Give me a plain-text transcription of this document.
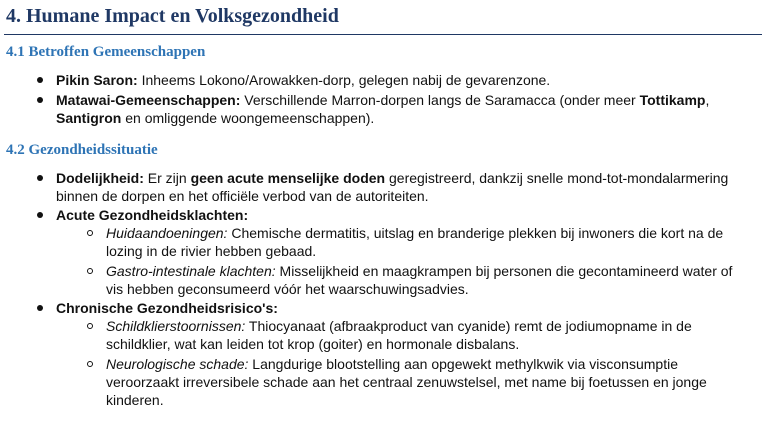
4. Humane Impact en Volksgezondheid
4.1 Betroffen Gemeenschappen
Pikin Saron: Inheems Lokono/Arowakken-dorp, gelegen nabij de gevarenzone.
Matawai-Gemeenschappen: Verschillende Marron-dorpen langs de Saramacca (onder meer Tottikamp,
Santigron en omliggende woongemeenschappen).
4.2 Gezondheidssituatie
Dodelijkheid: Er zijn geen acute menselijke doden geregistreerd, dankzij snelle mond-tot-mondalarmering
binnen de dorpen en het officiële verbod van de autoriteiten.
Acute Gezondheidsklachten:
Huidaandoeningen: Chemische dermatitis, uitslag en branderige plekken bij inwoners die kort na de
lozing in de rivier hebben gebaad.
Gastro-intestinale klachten: Misselijkheid en maagkrampen bij personen die gecontamineerd water of
vis hebben geconsumeerd vóór het waarschuwingsadvies.
Chronische Gezondheidsrisico's:
Schildklierstoornissen: Thiocyanaat (afbraakproduct van cyanide) remt de jodiumopname in de
schildklier, wat kan leiden tot krop (goiter) en hormonale disbalans.
Neurologische schade: Langdurige blootstelling aan opgewekt methylkwik via visconsumptie
veroorzaakt irreversibele schade aan het centraal zenuwstelsel, met name bij foetussen en jonge
kinderen.
